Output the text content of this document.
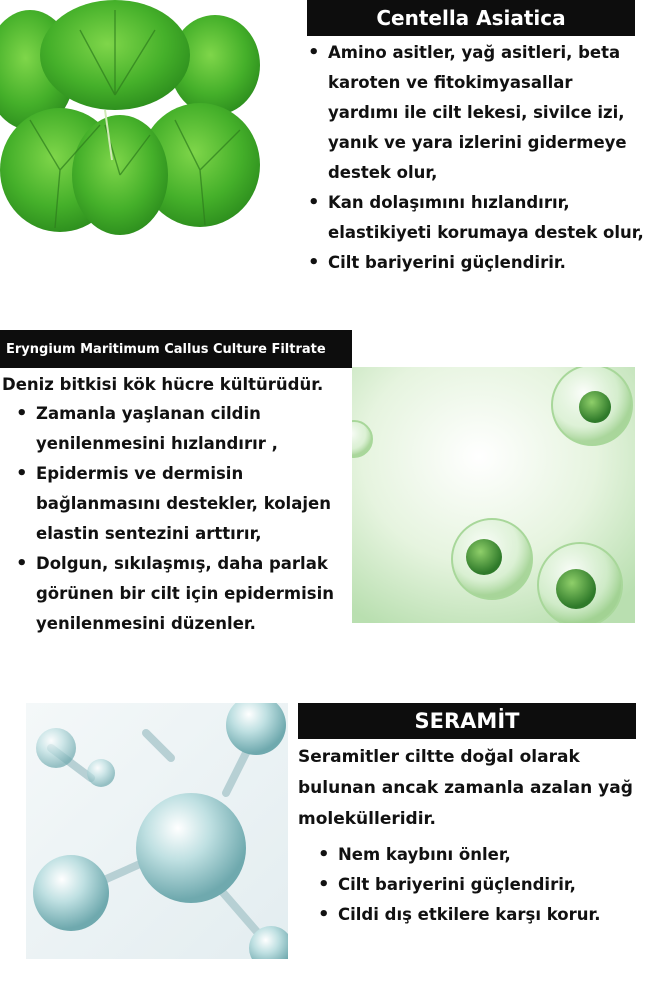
Centella Asiatica
• Amino asitler, yağ asitleri, beta karoten ve fitokimyasallar yardımı ile cilt lekesi, sivilce izi, yanık ve yara izlerini gidermeye destek olur,
• Kan dolaşımını hızlandırır, elastikiyeti korumaya destek olur,
• Cilt bariyerini güçlendirir.
Eryngium Maritimum Callus Culture Filtrate
Deniz bitkisi kök hücre kültürüdür.
• Zamanla yaşlanan cildin yenilenmesini hızlandırır ,
• Epidermis ve dermisin bağlanmasını destekler, kolajen elastin sentezini arttırır,
• Dolgun, sıkılaşmış, daha parlak görünen bir cilt için epidermisin yenilenmesini düzenler.
SERAMİT
Seramitler ciltte doğal olarak bulunan ancak zamanla azalan yağ molekülleridir.
• Nem kaybını önler,
• Cilt bariyerini güçlendirir,
• Cildi dış etkilere karşı korur.
